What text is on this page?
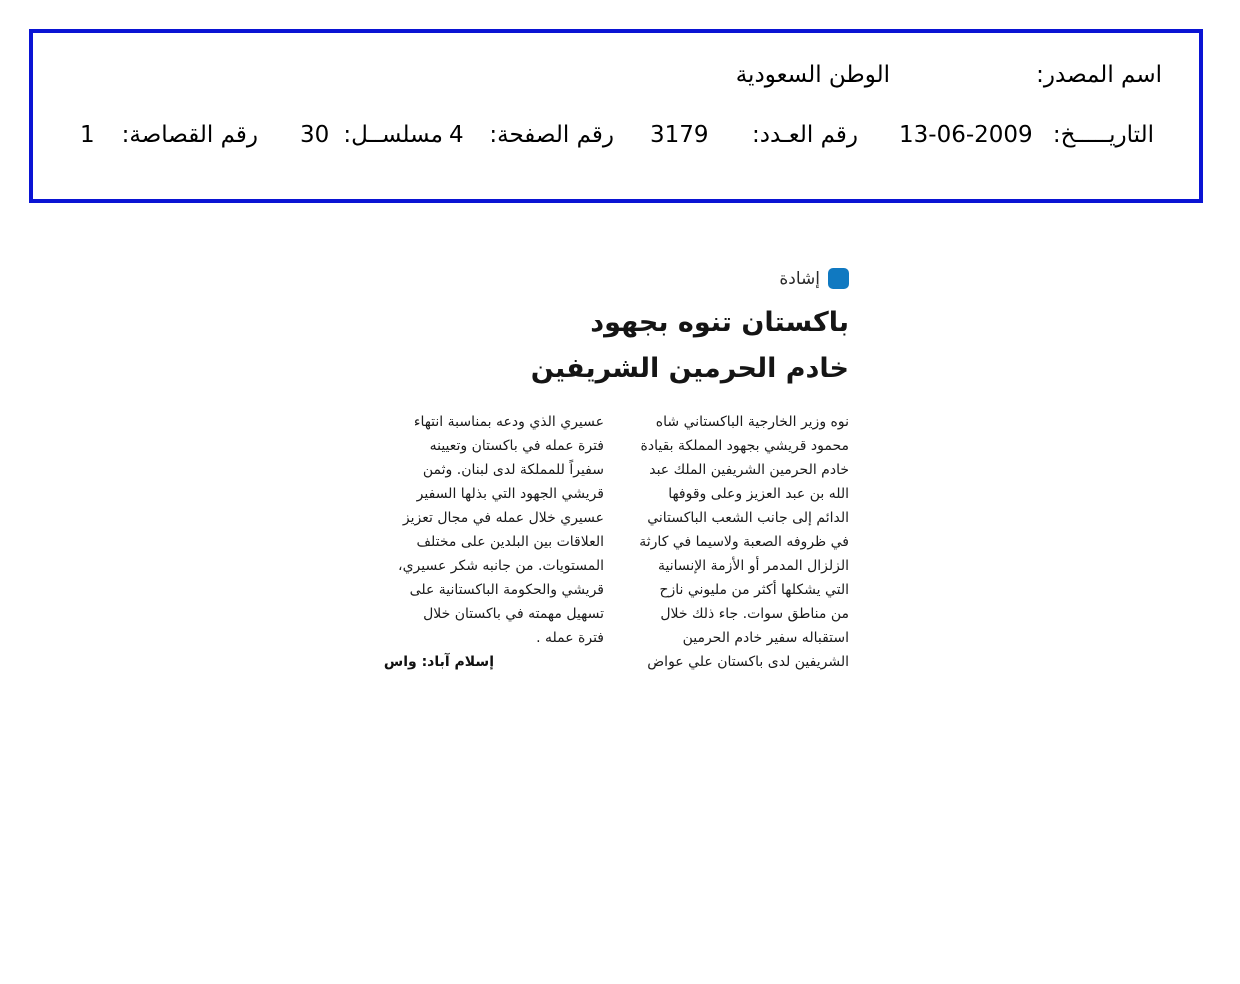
اسم المصدر:
الوطن السعودية
التاريـــــخ:
13-06-2009
رقم العـدد:
3179
رقم الصفحة:
4
مسلســل:
30
رقم القصاصة:
1
إشادة
باكستان تنوه بجهود
خادم الحرمين الشريفين
نوه وزير الخارجية الباكستاني شاه
محمود قريشي بجهود المملكة بقيادة
خادم الحرمين الشريفين الملك عبد
الله بن عبد العزيز وعلى وقوفها
الدائم إلى جانب الشعب الباكستاني
في ظروفه الصعبة ولاسيما في كارثة
الزلزال المدمر أو الأزمة الإنسانية
التي يشكلها أكثر من مليوني نازح
من مناطق سوات. جاء ذلك خلال
استقباله سفير خادم الحرمين
الشريفين لدى باكستان علي عواض
عسيري الذي ودعه بمناسبة انتهاء
فترة عمله في باكستان وتعيينه
سفيراً للمملكة لدى لبنان. وثمن
قريشي الجهود التي بذلها السفير
عسيري خلال عمله في مجال تعزيز
العلاقات بين البلدين على مختلف
المستويات. من جانبه شكر عسيري،
قريشي والحكومة الباكستانية على
تسهيل مهمته في باكستان خلال
فترة عمله .
إسلام آباد: واس
